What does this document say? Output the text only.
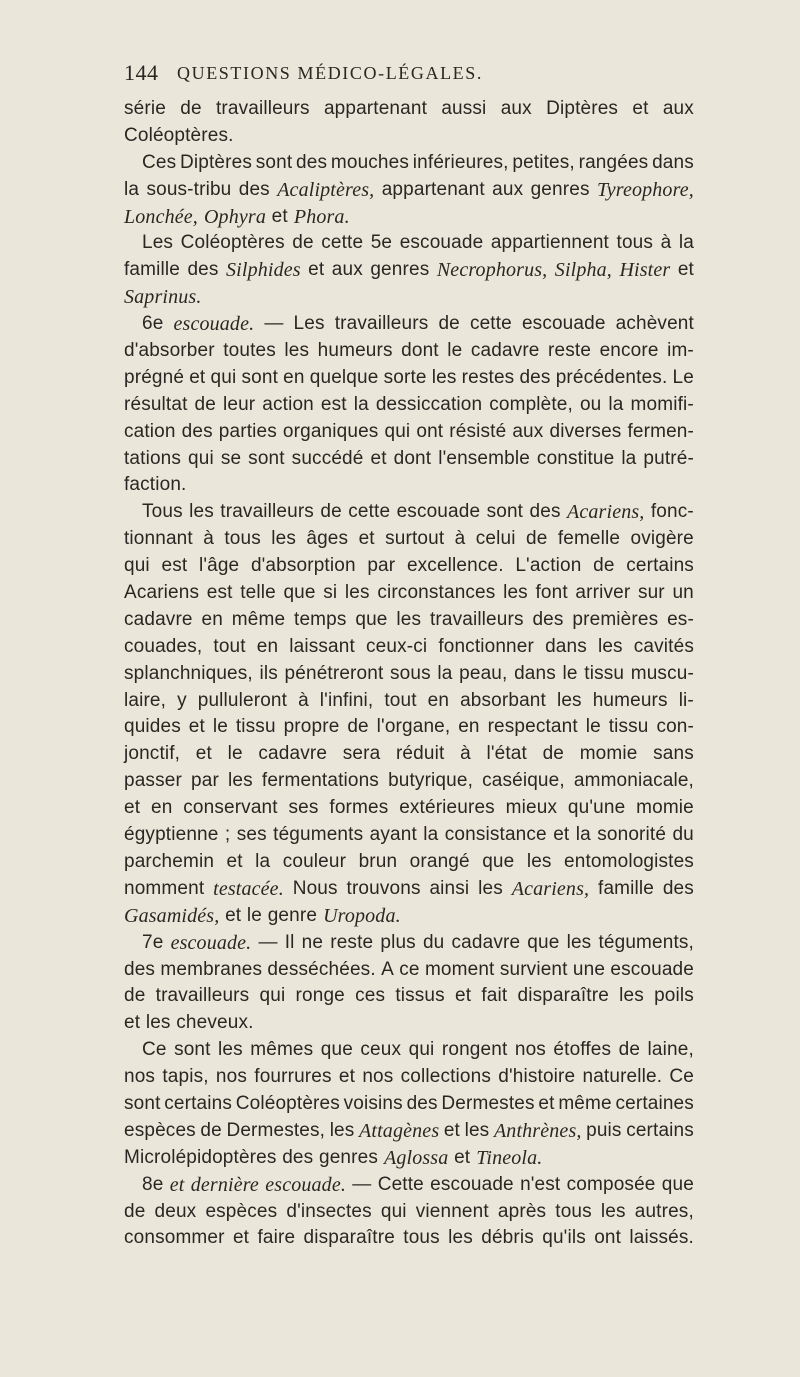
144 QUESTIONS MÉDICO-LÉGALES.
série de travailleurs appartenant aussi aux Diptères et aux
Coléoptères.
Ces Diptères sont des mouches inférieures, petites, rangées dans
la sous-tribu des Acaliptères, appartenant aux genres Tyreophore,
Lonchée, Ophyra et Phora.
Les Coléoptères de cette 5e escouade appartiennent tous à la
famille des Silphides et aux genres Necrophorus, Silpha, Hister et
Saprinus.
6e escouade. — Les travailleurs de cette escouade achèvent
d'absorber toutes les humeurs dont le cadavre reste encore im-
prégné et qui sont en quelque sorte les restes des précédentes. Le
résultat de leur action est la dessiccation complète, ou la momifi-
cation des parties organiques qui ont résisté aux diverses fermen-
tations qui se sont succédé et dont l'ensemble constitue la putré-
faction.
Tous les travailleurs de cette escouade sont des Acariens, fonc-
tionnant à tous les âges et surtout à celui de femelle ovigère
qui est l'âge d'absorption par excellence. L'action de certains
Acariens est telle que si les circonstances les font arriver sur un
cadavre en même temps que les travailleurs des premières es-
couades, tout en laissant ceux-ci fonctionner dans les cavités
splanchniques, ils pénétreront sous la peau, dans le tissu muscu-
laire, y pulluleront à l'infini, tout en absorbant les humeurs li-
quides et le tissu propre de l'organe, en respectant le tissu con-
jonctif, et le cadavre sera réduit à l'état de momie sans
passer par les fermentations butyrique, caséique, ammoniacale,
et en conservant ses formes extérieures mieux qu'une momie
égyptienne ; ses téguments ayant la consistance et la sonorité du
parchemin et la couleur brun orangé que les entomologistes
nomment testacée. Nous trouvons ainsi les Acariens, famille des
Gasamidés, et le genre Uropoda.
7e escouade. — Il ne reste plus du cadavre que les téguments,
des membranes desséchées. A ce moment survient une escouade
de travailleurs qui ronge ces tissus et fait disparaître les poils
et les cheveux.
Ce sont les mêmes que ceux qui rongent nos étoffes de laine,
nos tapis, nos fourrures et nos collections d'histoire naturelle. Ce
sont certains Coléoptères voisins des Dermestes et même certaines
espèces de Dermestes, les Attagènes et les Anthrènes, puis certains
Microlépidoptères des genres Aglossa et Tineola.
8e et dernière escouade. — Cette escouade n'est composée que
de deux espèces d'insectes qui viennent après tous les autres,
consommer et faire disparaître tous les débris qu'ils ont laissés.
